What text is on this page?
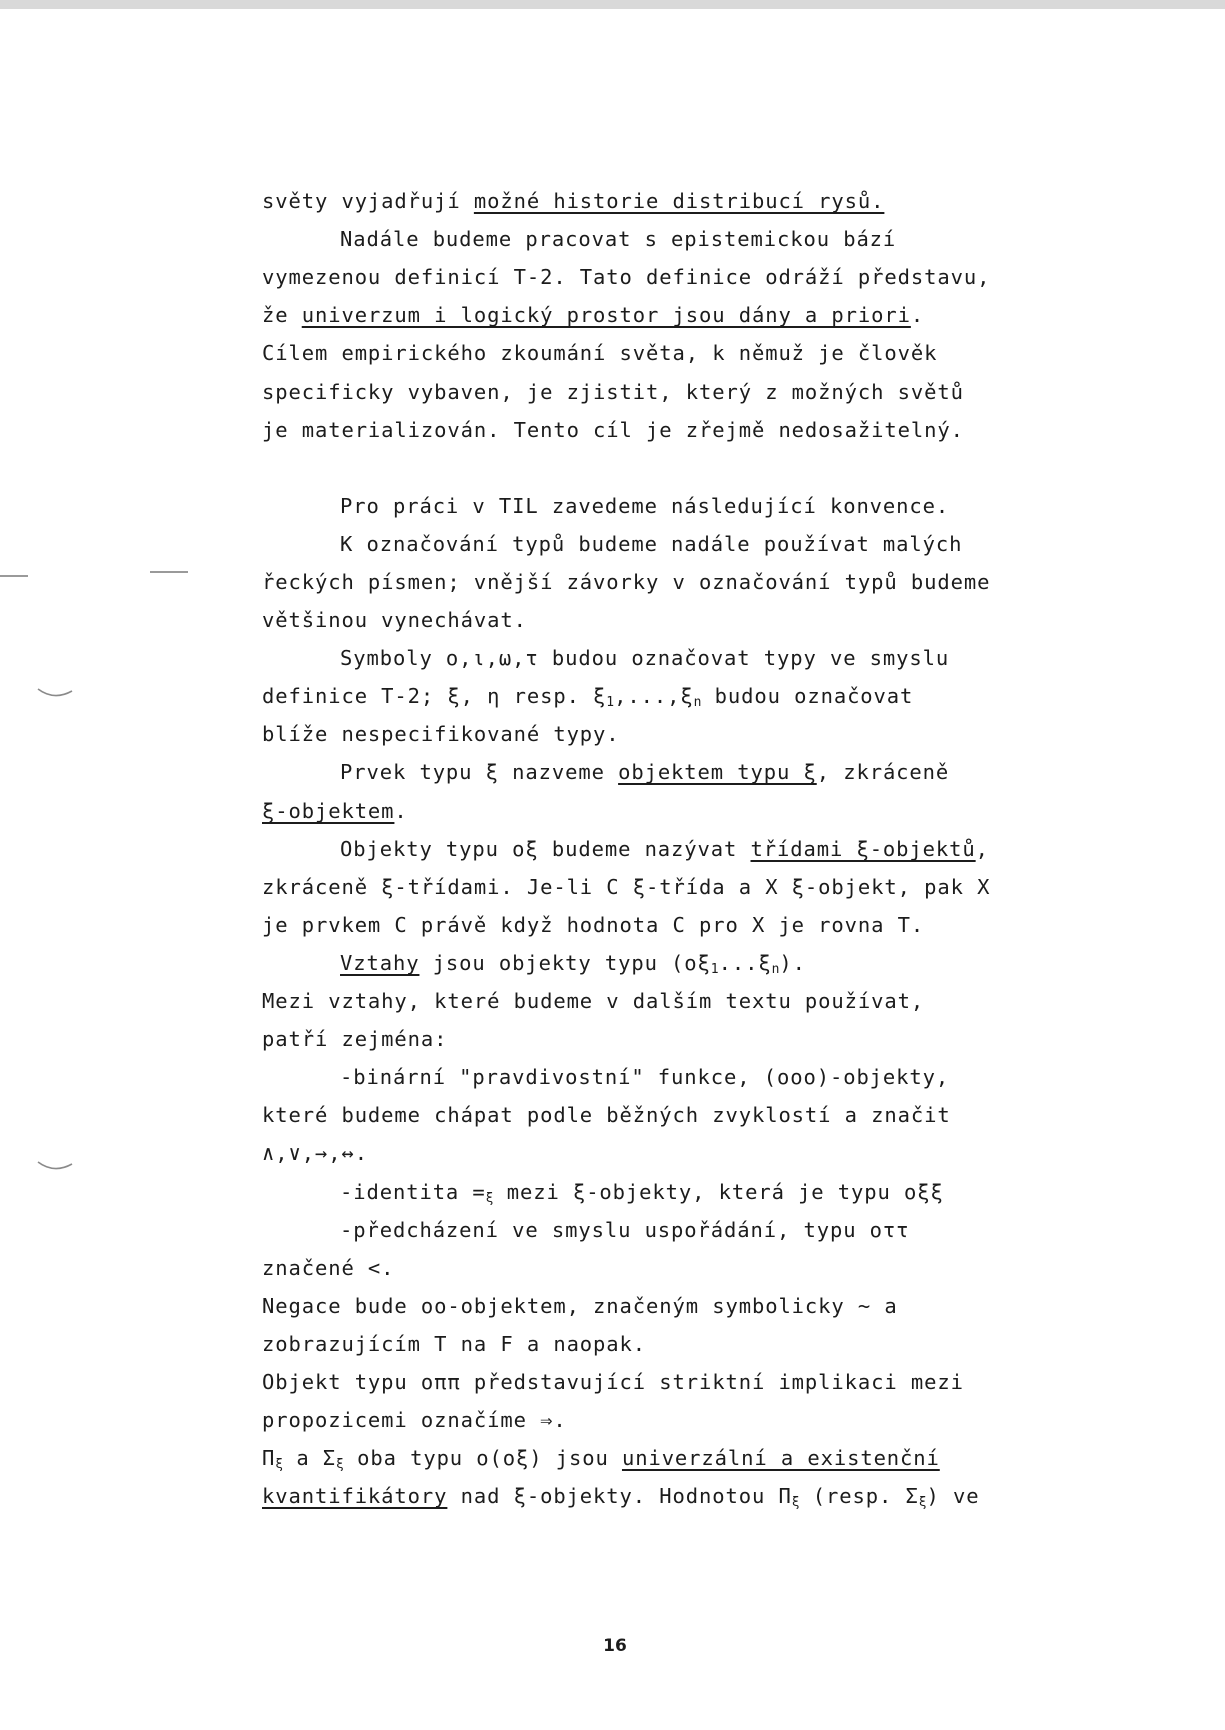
světy vyjadřují možné historie distribucí rysů.
Nadále budeme pracovat s epistemickou bází
vymezenou definicí T-2. Tato definice odráží představu,
že univerzum i logický prostor jsou dány a priori.
Cílem empirického zkoumání světa, k němuž je člověk
specificky vybaven, je zjistit, který z možných světů
je materializován. Tento cíl je zřejmě nedosažitelný.
Pro práci v TIL zavedeme následující konvence.
K označování typů budeme nadále používat malých
řeckých písmen; vnější závorky v označování typů budeme
většinou vynechávat.
Symboly ο,ι,ω,τ budou označovat typy ve smyslu
definice T-2; ξ, η resp. $\xi_1,...,\xi_n$ budou označovat
blíže nespecifikované typy.
Prvek typu ξ nazveme objektem typu ξ, zkráceně
ξ-objektem.
Objekty typu οξ budeme nazývat třídami ξ-objektů,
zkráceně ξ-třídami. Je-li C ξ-třída a X ξ-objekt, pak X
je prvkem C právě když hodnota C pro X je rovna T.
Vztahy jsou objekty typu $(o\xi_1...\xi_n)$.
Mezi vztahy, které budeme v dalším textu používat,
patří zejména:
-binární "pravdivostní" funkce, (οοο)-objekty,
které budeme chápat podle běžných zvyklostí a značit
∧,∨,→,↔.
-identita $=_\xi$ mezi ξ-objekty, která je typu οξξ
-předcházení ve smyslu uspořádání, typu οττ
značené <.
Negace bude οο-objektem, značeným symbolicky ~ a
zobrazujícím T na F a naopak.
Objekt typu οππ představující striktní implikaci mezi
propozicemi označíme ⇒.
$\Pi_\xi$ a $\Sigma_\xi$ oba typu ο(οξ) jsou univerzální a existenční
kvantifikátory nad ξ-objekty. Hodnotou $\Pi_\xi$ (resp. $\Sigma_\xi$) ve
16
